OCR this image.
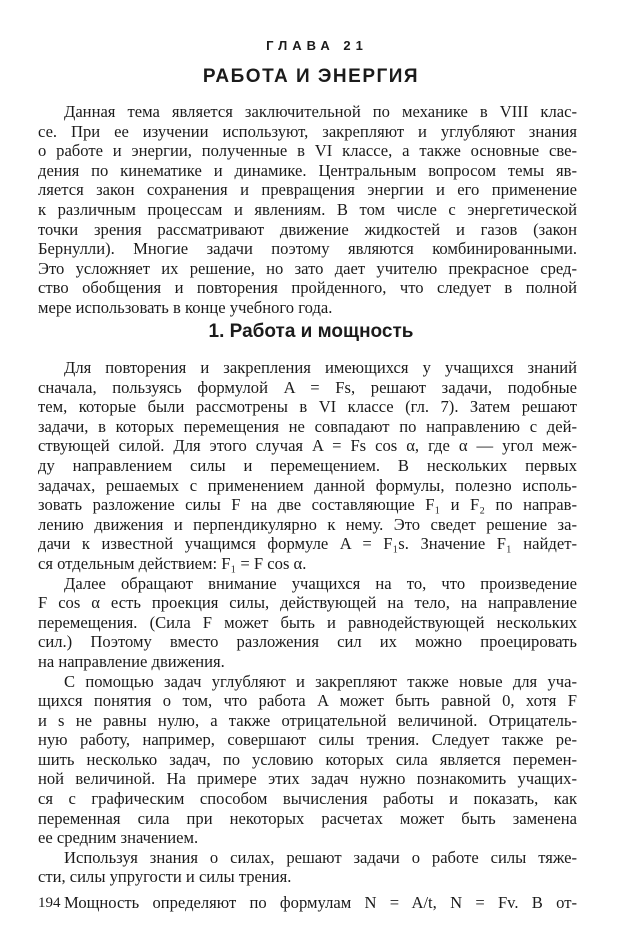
ГЛАВА 21
РАБОТА И ЭНЕРГИЯ
Данная тема является заключительной по механике в VIII клас-
се. При ее изучении используют, закрепляют и углубляют знания
о работе и энергии, полученные в VI классе, а также основные све-
дения по кинематике и динамике. Центральным вопросом темы яв-
ляется закон сохранения и превращения энергии и его применение
к различным процессам и явлениям. В том числе с энергетической
точки зрения рассматривают движение жидкостей и газов (закон
Бернулли). Многие задачи поэтому являются комбинированными.
Это усложняет их решение, но зато дает учителю прекрасное сред-
ство обобщения и повторения пройденного, что следует в полной
мере использовать в конце учебного года.
1. Работа и мощность
Для повторения и закрепления имеющихся у учащихся знаний
сначала, пользуясь формулой A = Fs, решают задачи, подобные
тем, которые были рассмотрены в VI классе (гл. 7). Затем решают
задачи, в которых перемещения не совпадают по направлению с дей-
ствующей силой. Для этого случая A = Fs cos α, где α — угол меж-
ду направлением силы и перемещением. В нескольких первых
задачах, решаемых с применением данной формулы, полезно исполь-
зовать разложение силы F на две составляющие F₁ и F₂ по направ-
лению движения и перпендикулярно к нему. Это сведет решение за-
дачи к известной учащимся формуле A = F₁s. Значение F₁ найдет-
ся отдельным действием: F₁ = F cos α.
Далее обращают внимание учащихся на то, что произведение
F cos α есть проекция силы, действующей на тело, на направление
перемещения. (Сила F может быть и равнодействующей нескольких
сил.) Поэтому вместо разложения сил их можно проецировать
на направление движения.
С помощью задач углубляют и закрепляют также новые для уча-
щихся понятия о том, что работа A может быть равной 0, хотя F
и s не равны нулю, а также отрицательной величиной. Отрицатель-
ную работу, например, совершают силы трения. Следует также ре-
шить несколько задач, по условию которых сила является перемен-
ной величиной. На примере этих задач нужно познакомить учащих-
ся с графическим способом вычисления работы и показать, как
переменная сила при некоторых расчетах может быть заменена
ее средним значением.
Используя знания о силах, решают задачи о работе силы тяже-
сти, силы упругости и силы трения.
Мощность определяют по формулам N = A/t, N = Fv. В от-
194
